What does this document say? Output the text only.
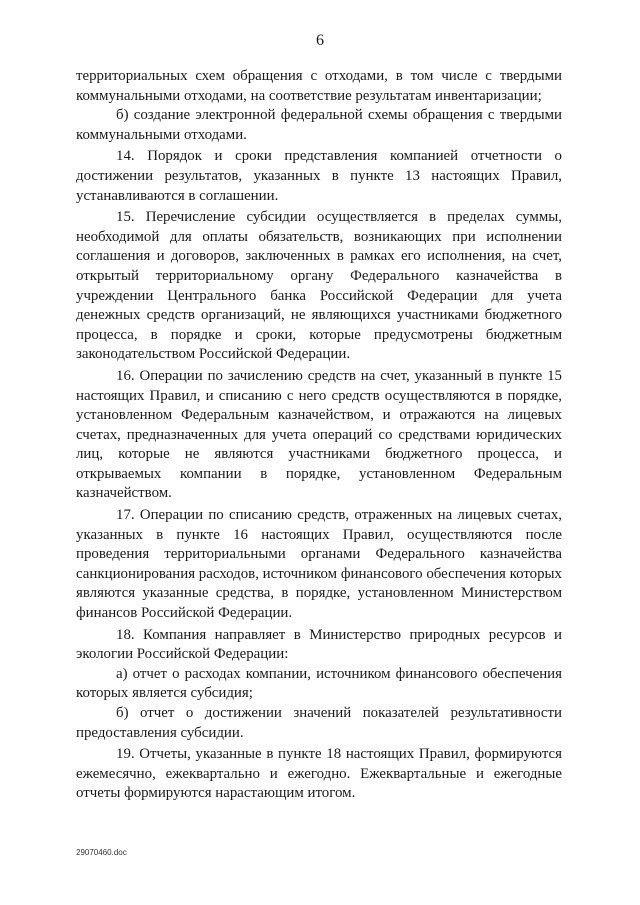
6

территориальных схем обращения с отходами, в том числе с твердыми коммунальными отходами, на соответствие результатам инвентаризации;

б) создание электронной федеральной схемы обращения с твердыми коммунальными отходами.

14. Порядок и сроки представления компанией отчетности о достижении результатов, указанных в пункте 13 настоящих Правил, устанавливаются в соглашении.

15. Перечисление субсидии осуществляется в пределах суммы, необходимой для оплаты обязательств, возникающих при исполнении соглашения и договоров, заключенных в рамках его исполнения, на счет, открытый территориальному органу Федерального казначейства в учреждении Центрального банка Российской Федерации для учета денежных средств организаций, не являющихся участниками бюджетного процесса, в порядке и сроки, которые предусмотрены бюджетным законодательством Российской Федерации.

16. Операции по зачислению средств на счет, указанный в пункте 15 настоящих Правил, и списанию с него средств осуществляются в порядке, установленном Федеральным казначейством, и отражаются на лицевых счетах, предназначенных для учета операций со средствами юридических лиц, которые не являются участниками бюджетного процесса, и открываемых компании в порядке, установленном Федеральным казначейством.

17. Операции по списанию средств, отраженных на лицевых счетах, указанных в пункте 16 настоящих Правил, осуществляются после проведения территориальными органами Федерального казначейства санкционирования расходов, источником финансового обеспечения которых являются указанные средства, в порядке, установленном Министерством финансов Российской Федерации.

18. Компания направляет в Министерство природных ресурсов и экологии Российской Федерации:

а) отчет о расходах компании, источником финансового обеспечения которых является субсидия;

б) отчет о достижении значений показателей результативности предоставления субсидии.

19. Отчеты, указанные в пункте 18 настоящих Правил, формируются ежемесячно, ежеквартально и ежегодно. Ежеквартальные и ежегодные отчеты формируются нарастающим итогом.

29070460.doc
